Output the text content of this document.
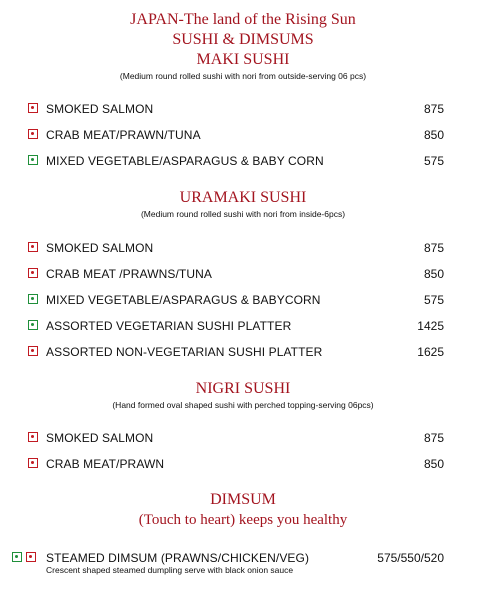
JAPAN-The land of the Rising Sun
SUSHI & DIMSUMS
MAKI SUSHI
(Medium round rolled sushi with nori from outside-serving 06 pcs)
SMOKED SALMON	875
CRAB MEAT/PRAWN/TUNA	850
MIXED VEGETABLE/ASPARAGUS & BABY CORN	575
URAMAKI SUSHI
(Medium round rolled sushi with nori from inside-6pcs)
SMOKED SALMON	875
CRAB MEAT /PRAWNS/TUNA	850
MIXED VEGETABLE/ASPARAGUS & BABYCORN	575
ASSORTED VEGETARIAN SUSHI PLATTER	1425
ASSORTED NON-VEGETARIAN SUSHI PLATTER	1625
NIGRI SUSHI
(Hand formed oval shaped sushi with perched topping-serving 06pcs)
SMOKED SALMON	875
CRAB MEAT/PRAWN	850
DIMSUM
(Touch to heart) keeps you healthy
STEAMED DIMSUM (PRAWNS/CHICKEN/VEG)	575/550/520
Crescent shaped steamed dumpling serve with black onion sauce
